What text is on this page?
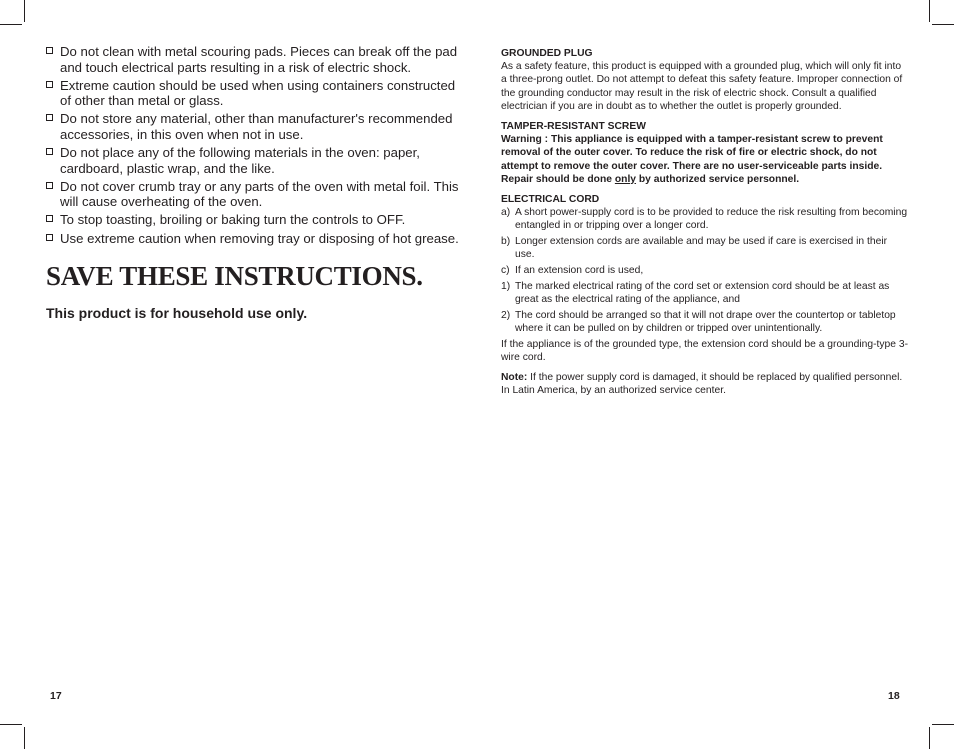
Do not clean with metal scouring pads. Pieces can break off the pad and touch electrical parts resulting in a risk of electric shock.
Extreme caution should be used when using containers constructed of other than metal or glass.
Do not store any material, other than manufacturer's recommended accessories, in this oven when not in use.
Do not place any of the following materials in the oven: paper, cardboard, plastic wrap, and the like.
Do not cover crumb tray or any parts of the oven with metal foil. This will cause overheating of the oven.
To stop toasting, broiling or baking turn the controls to OFF.
Use extreme caution when removing tray or disposing of hot grease.
SAVE THESE INSTRUCTIONS.
This product is for household use only.

GROUNDED PLUG

As a safety feature, this product is equipped with a grounded plug, which will only fit into a three-prong outlet. Do not attempt to defeat this safety feature. Improper connection of the grounding conductor may result in the risk of electric shock. Consult a qualified electrician if you are in doubt as to whether the outlet is properly grounded.

TAMPER-RESISTANT SCREW

Warning : This appliance is equipped with a tamper-resistant screw to prevent removal of the outer cover. To reduce the risk of fire or electric shock, do not attempt to remove the outer cover. There are no user-serviceable parts inside. Repair should be done only by authorized service personnel.

ELECTRICAL CORD

a) A short power-supply cord is to be provided to reduce the risk resulting from becoming entangled in or tripping over a longer cord.
b) Longer extension cords are available and may be used if care is exercised in their use.
c) If an extension cord is used,
1) The marked electrical rating of the cord set or extension cord should be at least as great as the electrical rating of the appliance, and
2) The cord should be arranged so that it will not drape over the countertop or tabletop where it can be pulled on by children or tripped over unintentionally.

If the appliance is of the grounded type, the extension cord should be a grounding-type 3-wire cord.

Note: If the power supply cord is damaged, it should be replaced by qualified personnel. In Latin America, by an authorized service center.

17	18
